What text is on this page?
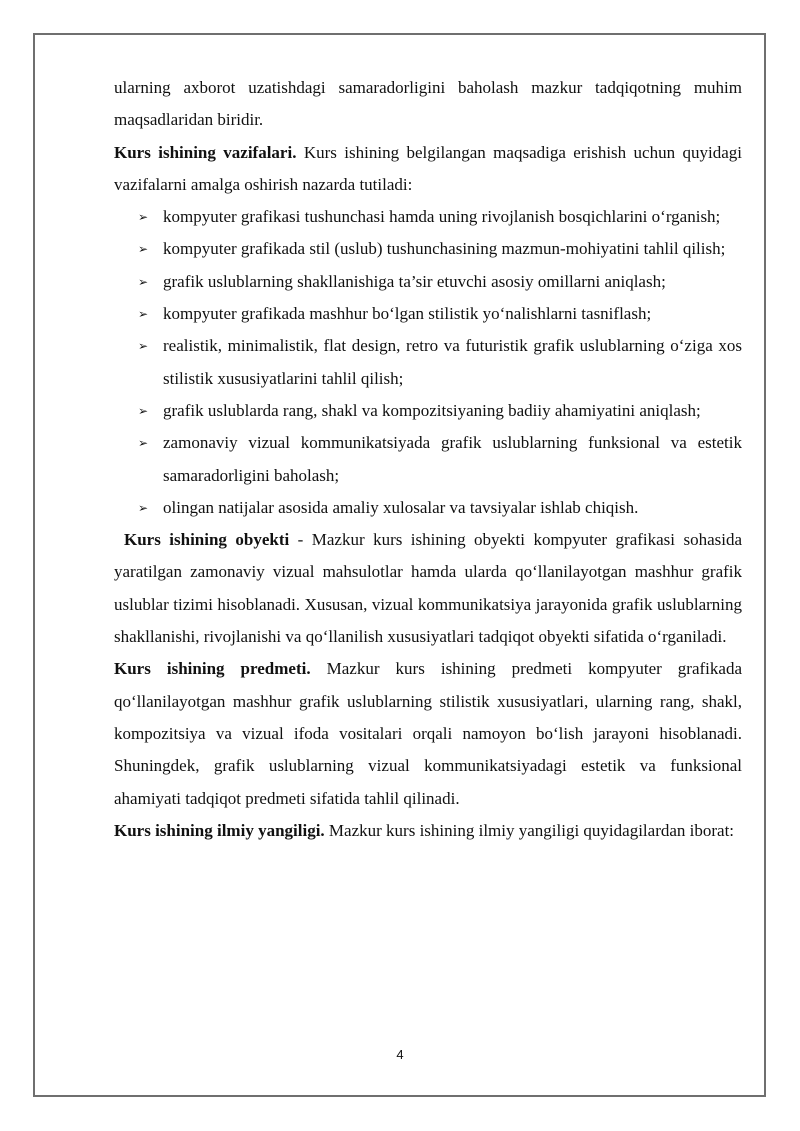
ularning axborot uzatishdagi samaradorligini baholash mazkur tadqiqotning muhim maqsadlaridan biridir.

Kurs ishining vazifalari. Kurs ishining belgilangan maqsadiga erishish uchun quyidagi vazifalarni amalga oshirish nazarda tutiladi:

➢ kompyuter grafikasi tushunchasi hamda uning rivojlanish bosqichlarini o‘rganish;
➢ kompyuter grafikada stil (uslub) tushunchasining mazmun-mohiyatini tahlil qilish;
➢ grafik uslublarning shakllanishiga ta’sir etuvchi asosiy omillarni aniqlash;
➢ kompyuter grafikada mashhur bo‘lgan stilistik yo‘nalishlarni tasniflash;
➢ realistik, minimalistik, flat design, retro va futuristik grafik uslublarning o‘ziga xos stilistik xususiyatlarini tahlil qilish;
➢ grafik uslublarda rang, shakl va kompozitsiyaning badiiy ahamiyatini aniqlash;
➢ zamonaviy vizual kommunikatsiyada grafik uslublarning funksional va estetik samaradorligini baholash;
➢ olingan natijalar asosida amaliy xulosalar va tavsiyalar ishlab chiqish.

Kurs ishining obyekti - Mazkur kurs ishining obyekti kompyuter grafikasi sohasida yaratilgan zamonaviy vizual mahsulotlar hamda ularda qo‘llanilayotgan mashhur grafik uslublar tizimi hisoblanadi. Xususan, vizual kommunikatsiya jarayonida grafik uslublarning shakllanishi, rivojlanishi va qo‘llanilish xususiyatlari tadqiqot obyekti sifatida o‘rganiladi.

Kurs ishining predmeti. Mazkur kurs ishining predmeti kompyuter grafikada qo‘llanilayotgan mashhur grafik uslublarning stilistik xususiyatlari, ularning rang, shakl, kompozitsiya va vizual ifoda vositalari orqali namoyon bo‘lish jarayoni hisoblanadi. Shuningdek, grafik uslublarning vizual kommunikatsiyadagi estetik va funksional ahamiyati tadqiqot predmeti sifatida tahlil qilinadi.

Kurs ishining ilmiy yangiligi. Mazkur kurs ishining ilmiy yangiligi quyidagilardan iborat:

4
